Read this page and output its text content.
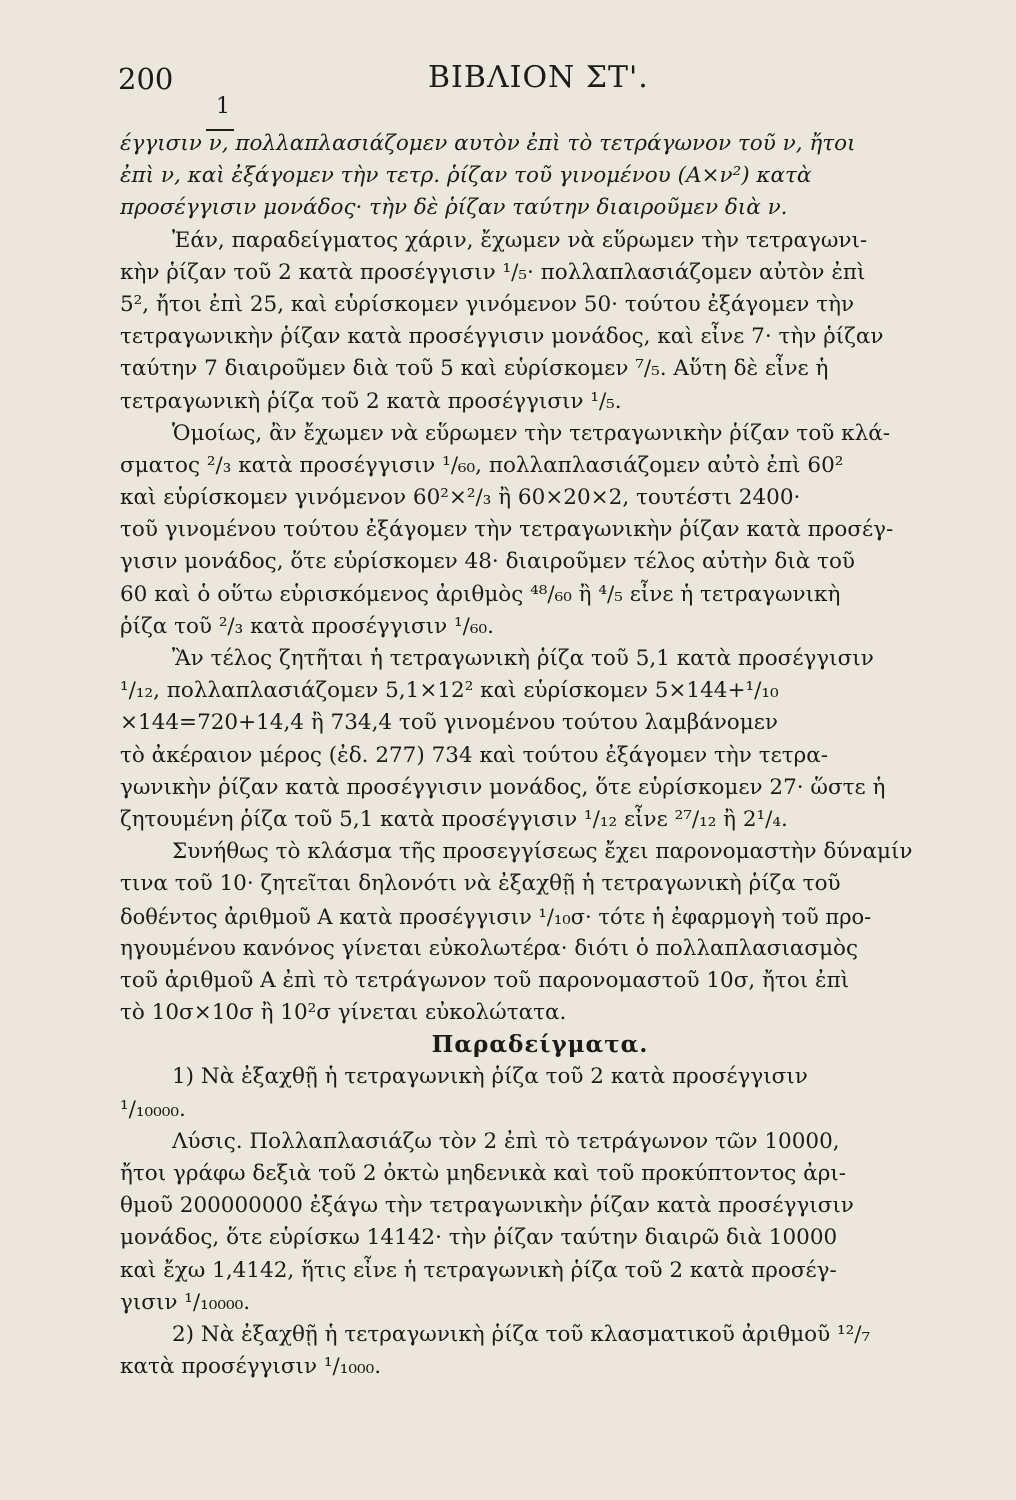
200	ΒΙΒΛΙΟΝ ΣΤ'.
1
έγγισιν ν, πολλαπλασιάζομεν αυτὸν ἐπὶ τὸ τετράγωνον τοῦ ν, ἤτοι
ἐπὶ ν, καὶ ἐξάγομεν τὴν τετρ. ῥίζαν τοῦ γινομένου (Α×ν²) κατὰ
προσέγγισιν μονάδος· τὴν δὲ ῥίζαν ταύτην διαιροῦμεν διὰ ν.
Ἐάν, παραδείγματος χάριν, ἔχωμεν νὰ εὕρωμεν τὴν τετραγωνι-
κὴν ῥίζαν τοῦ 2 κατὰ προσέγγισιν ¹/₅· πολλαπλασιάζομεν αὐτὸν ἐπὶ
5², ἤτοι ἐπὶ 25, καὶ εὑρίσκομεν γινόμενον 50· τούτου ἐξάγομεν τὴν
τετραγωνικὴν ῥίζαν κατὰ προσέγγισιν μονάδος, καὶ εἶνε 7· τὴν ῥίζαν
ταύτην 7 διαιροῦμεν διὰ τοῦ 5 καὶ εὑρίσκομεν ⁷/₅. Αὕτη δὲ εἶνε ἡ
τετραγωνικὴ ῥίζα τοῦ 2 κατὰ προσέγγισιν ¹/₅.
Ὁμοίως, ἂν ἔχωμεν νὰ εὕρωμεν τὴν τετραγωνικὴν ῥίζαν τοῦ κλά-
σματος ²/₃ κατὰ προσέγγισιν ¹/₆₀, πολλαπλασιάζομεν αὐτὸ ἐπὶ 60²
καὶ εὑρίσκομεν γινόμενον 60²×²/₃ ἢ 60×20×2, τουτέστι 2400·
τοῦ γινομένου τούτου ἐξάγομεν τὴν τετραγωνικὴν ῥίζαν κατὰ προσέγ-
γισιν μονάδος, ὅτε εὑρίσκομεν 48· διαιροῦμεν τέλος αὐτὴν διὰ τοῦ
60 καὶ ὁ οὕτω εὑρισκόμενος ἀριθμὸς ⁴⁸/₆₀ ἢ ⁴/₅ εἶνε ἡ τετραγωνικὴ
ῥίζα τοῦ ²/₃ κατὰ προσέγγισιν ¹/₆₀.
Ἂν τέλος ζητῆται ἡ τετραγωνικὴ ῥίζα τοῦ 5,1 κατὰ προσέγγισιν
¹/₁₂, πολλαπλασιάζομεν 5,1×12² καὶ εὑρίσκομεν 5×144+¹/₁₀
×144=720+14,4 ἢ 734,4 τοῦ γινομένου τούτου λαμβάνομεν
τὸ ἀκέραιον μέρος (ἐδ. 277) 734 καὶ τούτου ἐξάγομεν τὴν τετρα-
γωνικὴν ῥίζαν κατὰ προσέγγισιν μονάδος, ὅτε εὑρίσκομεν 27· ὥστε ἡ
ζητουμένη ῥίζα τοῦ 5,1 κατὰ προσέγγισιν ¹/₁₂ εἶνε ²⁷/₁₂ ἢ 2¹/₄.
Συνήθως τὸ κλάσμα τῆς προσεγγίσεως ἔχει παρονομαστὴν δύναμίν
τινα τοῦ 10· ζητεῖται δηλονότι νὰ ἐξαχθῇ ἡ τετραγωνικὴ ῥίζα τοῦ
δοθέντος ἀριθμοῦ Α κατὰ προσέγγισιν ¹/₁₀σ· τότε ἡ ἐφαρμογὴ τοῦ προ-
ηγουμένου κανόνος γίνεται εὐκολωτέρα· διότι ὁ πολλαπλασιασμὸς
τοῦ ἀριθμοῦ Α ἐπὶ τὸ τετράγωνον τοῦ παρονομαστοῦ 10σ, ἤτοι ἐπὶ
τὸ 10σ×10σ ἢ 10²σ γίνεται εὐκολώτατα.
Παραδείγματα.
1) Νὰ ἐξαχθῇ ἡ τετραγωνικὴ ῥίζα τοῦ 2 κατὰ προσέγγισιν
¹/₁₀₀₀₀.
Λύσις. Πολλαπλασιάζω τὸν 2 ἐπὶ τὸ τετράγωνον τῶν 10000,
ἤτοι γράφω δεξιὰ τοῦ 2 ὀκτὼ μηδενικὰ καὶ τοῦ προκύπτοντος ἀρι-
θμοῦ 200000000 ἐξάγω τὴν τετραγωνικὴν ῥίζαν κατὰ προσέγγισιν
μονάδος, ὅτε εὑρίσκω 14142· τὴν ῥίζαν ταύτην διαιρῶ διὰ 10000
καὶ ἔχω 1,4142, ἥτις εἶνε ἡ τετραγωνικὴ ῥίζα τοῦ 2 κατὰ προσέγ-
γισιν ¹/₁₀₀₀₀.
2) Νὰ ἐξαχθῇ ἡ τετραγωνικὴ ῥίζα τοῦ κλασματικοῦ ἀριθμοῦ ¹²/₇
κατὰ προσέγγισιν ¹/₁₀₀₀.
